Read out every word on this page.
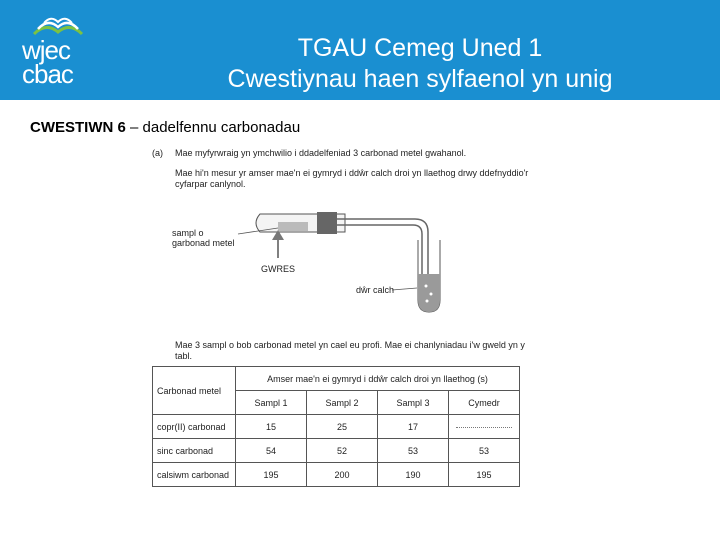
wjec
cbac
TGAU Cemeg Uned 1
Cwestiynau haen sylfaenol yn unig
CWESTIWN 6 – dadelfennu carbonadau
(a) Mae myfyrwraig yn ymchwilio i ddadelfeniad 3 carbonad metel gwahanol.
Mae hi'n mesur yr amser mae'n ei gymryd i ddŵr calch droi yn llaethog drwy ddefnyddio'r
cyfarpar canlynol.
sampl o
garbonad metel
GWRES
dŵr calch
Mae 3 sampl o bob carbonad metel yn cael eu profi. Mae ei chanlyniadau i'w gweld yn y
tabl.
Carbonad metel	Amser mae'n ei gymryd i ddŵr calch droi yn llaethog (s)			
	Sampl 1	Sampl 2	Sampl 3	Cymedr
copr(II) carbonad	15	25	17	
sinc carbonad	54	52	53	53
calsiwm carbonad	195	200	190	195
